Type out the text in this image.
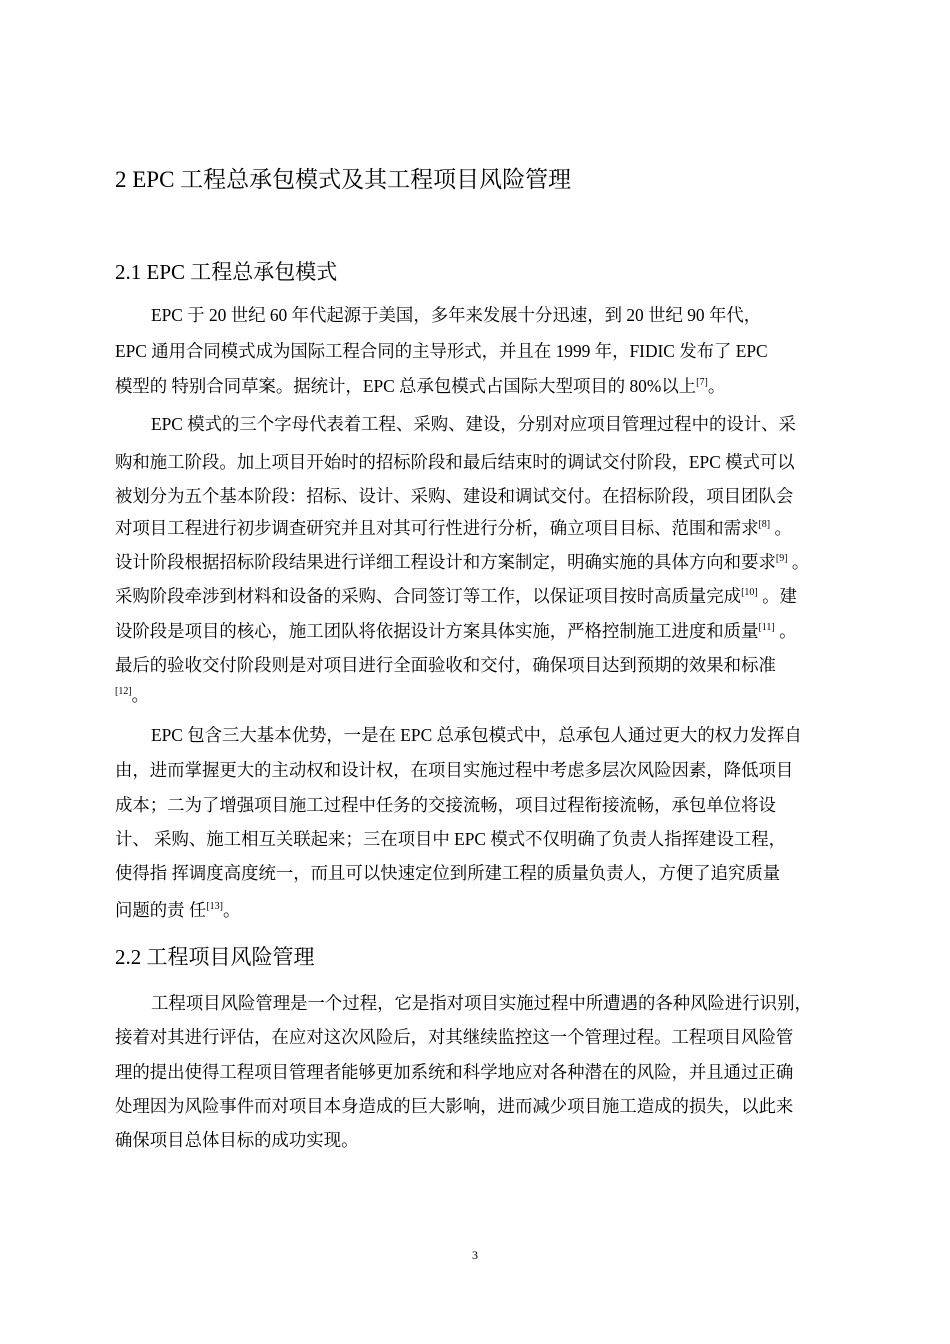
2 EPC 工程总承包模式及其工程项目风险管理
2.1 EPC 工程总承包模式

EPC 于 20 世纪 60 年代起源于美国，多年来发展十分迅速，到 20 世纪 90 年代，

EPC 通用合同模式成为国际工程合同的主导形式，并且在 1999 年，FIDIC 发布了 EPC

模型的 特别合同草案。据统计，EPC 总承包模式占国际大型项目的 80%以上[7]。

EPC 模式的三个字母代表着工程、采购、建设，分别对应项目管理过程中的设计、采

购和施工阶段。加上项目开始时的招标阶段和最后结束时的调试交付阶段，EPC 模式可以

被划分为五个基本阶段：招标、设计、采购、建设和调试交付。在招标阶段，项目团队会

对项目工程进行初步调查研究并且对其可行性进行分析，确立项目目标、范围和需求[8] 。

设计阶段根据招标阶段结果进行详细工程设计和方案制定，明确实施的具体方向和要求[9] 。

采购阶段牵涉到材料和设备的采购、合同签订等工作，以保证项目按时高质量完成[10] 。建

设阶段是项目的核心，施工团队将依据设计方案具体实施，严格控制施工进度和质量[11] 。

最后的验收交付阶段则是对项目进行全面验收和交付，确保项目达到预期的效果和标准

[12]。

EPC 包含三大基本优势，一是在 EPC 总承包模式中，总承包人通过更大的权力发挥自

由，进而掌握更大的主动权和设计权，在项目实施过程中考虑多层次风险因素，降低项目

成本；二为了增强项目施工过程中任务的交接流畅，项目过程衔接流畅，承包单位将设

计、 采购、施工相互关联起来；三在项目中 EPC 模式不仅明确了负责人指挥建设工程，

使得指 挥调度高度统一，而且可以快速定位到所建工程的质量负责人，方便了追究质量

问题的责 任[13]。

2.2 工程项目风险管理

工程项目风险管理是一个过程，它是指对项目实施过程中所遭遇的各种风险进行识别，

接着对其进行评估，在应对这次风险后，对其继续监控这一个管理过程。工程项目风险管

理的提出使得工程项目管理者能够更加系统和科学地应对各种潜在的风险，并且通过正确

处理因为风险事件而对项目本身造成的巨大影响，进而减少项目施工造成的损失，以此来

确保项目总体目标的成功实现。

3
